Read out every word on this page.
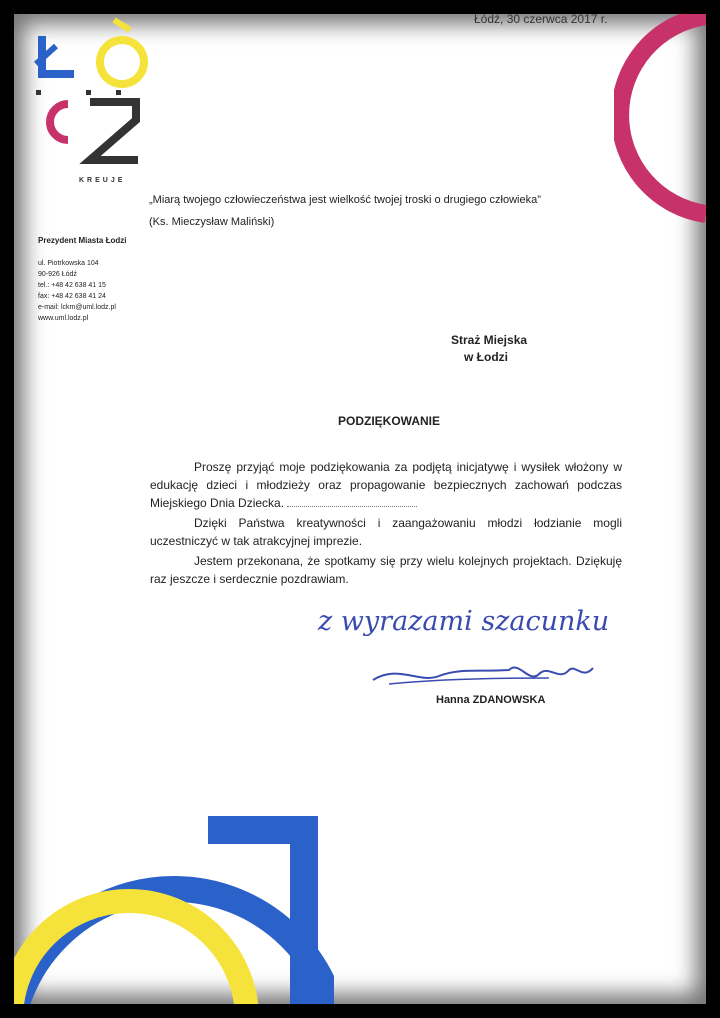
Łódź, 30 czerwca 2017 r.
KREUJE
Prezydent Miasta Łodzi
ul. Piotrkowska 104
90-926 Łódź
tel.: +48 42 638 41 15
fax: +48 42 638 41 24
e-mail: lckm@uml.lodz.pl
www.uml.lodz.pl
„Miarą twojego człowieczeństwa jest wielkość twojej troski o drugiego człowieka”
(Ks. Mieczysław Maliński)
Straż Miejska
w Łodzi
PODZIĘKOWANIE

Proszę przyjąć moje podziękowania za podjętą inicjatywę i wysiłek włożony w edukację dzieci i młodzieży oraz propagowanie bezpiecznych zachowań podczas Miejskiego Dnia Dziecka.

Dzięki Państwa kreatywności i zaangażowaniu młodzi łodzianie mogli uczestniczyć w tak atrakcyjnej imprezie.

Jestem przekonana, że spotkamy się przy wielu kolejnych projektach. Dziękuję raz jeszcze i serdecznie pozdrawiam.

z wyrazami szacunku
Hanna ZDANOWSKA
